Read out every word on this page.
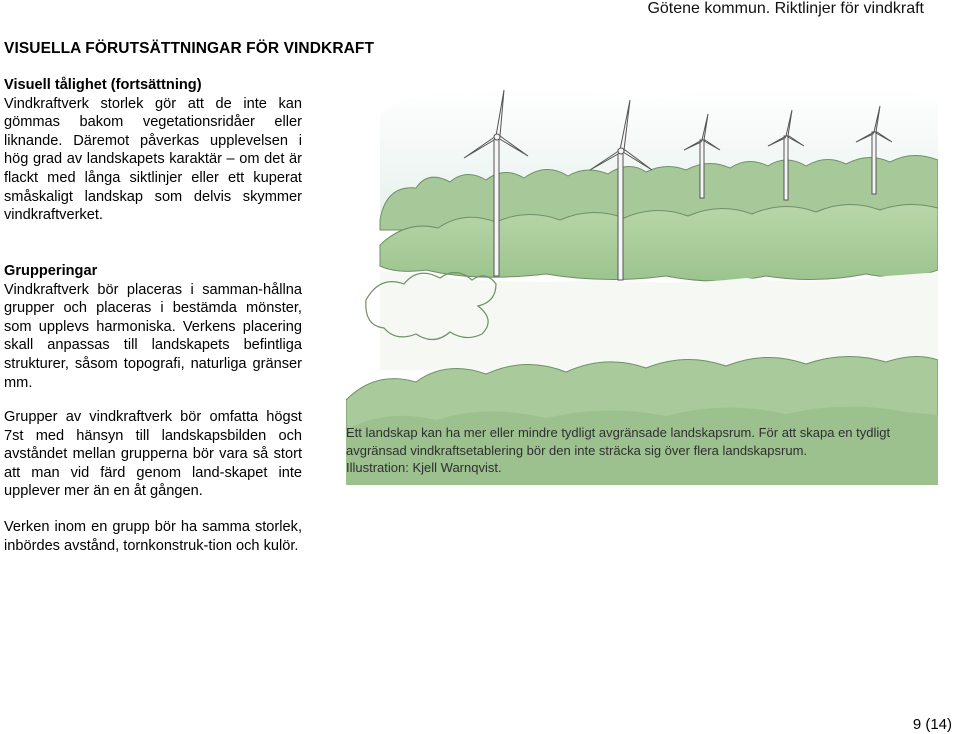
Götene kommun. Riktlinjer för vindkraft
VISUELLA FÖRUTSÄTTNINGAR FÖR VINDKRAFT
Visuell tålighet (fortsättning)

Vindkraftverk storlek gör att de inte kan gömmas bakom vegetationsridåer eller liknande. Däremot påverkas upplevelsen i hög grad av landskapets karaktär – om det är flackt med långa siktlinjer eller ett kuperat småskaligt landskap som delvis skymmer vindkraftverket.

Grupperingar

Vindkraftverk bör placeras i samman-hållna grupper och placeras i bestämda mönster, som upplevs harmoniska. Verkens placering skall anpassas till landskapets befintliga strukturer, såsom topografi, naturliga gränser mm.

Grupper av vindkraftverk bör omfatta högst 7st med hänsyn till landskapsbilden och avståndet mellan grupperna bör vara så stort att man vid färd genom land-skapet inte upplever mer än en åt gången.

Verken inom en grupp bör ha samma storlek, inbördes avstånd, tornkonstruk-tion och kulör.

Ett landskap kan ha mer eller mindre tydligt avgränsade landskapsrum. För att skapa en tydligt
avgränsad vindkraftsetablering bör den inte sträcka sig över flera landskapsrum.
Illustration: Kjell Warnqvist.
9 (14)
